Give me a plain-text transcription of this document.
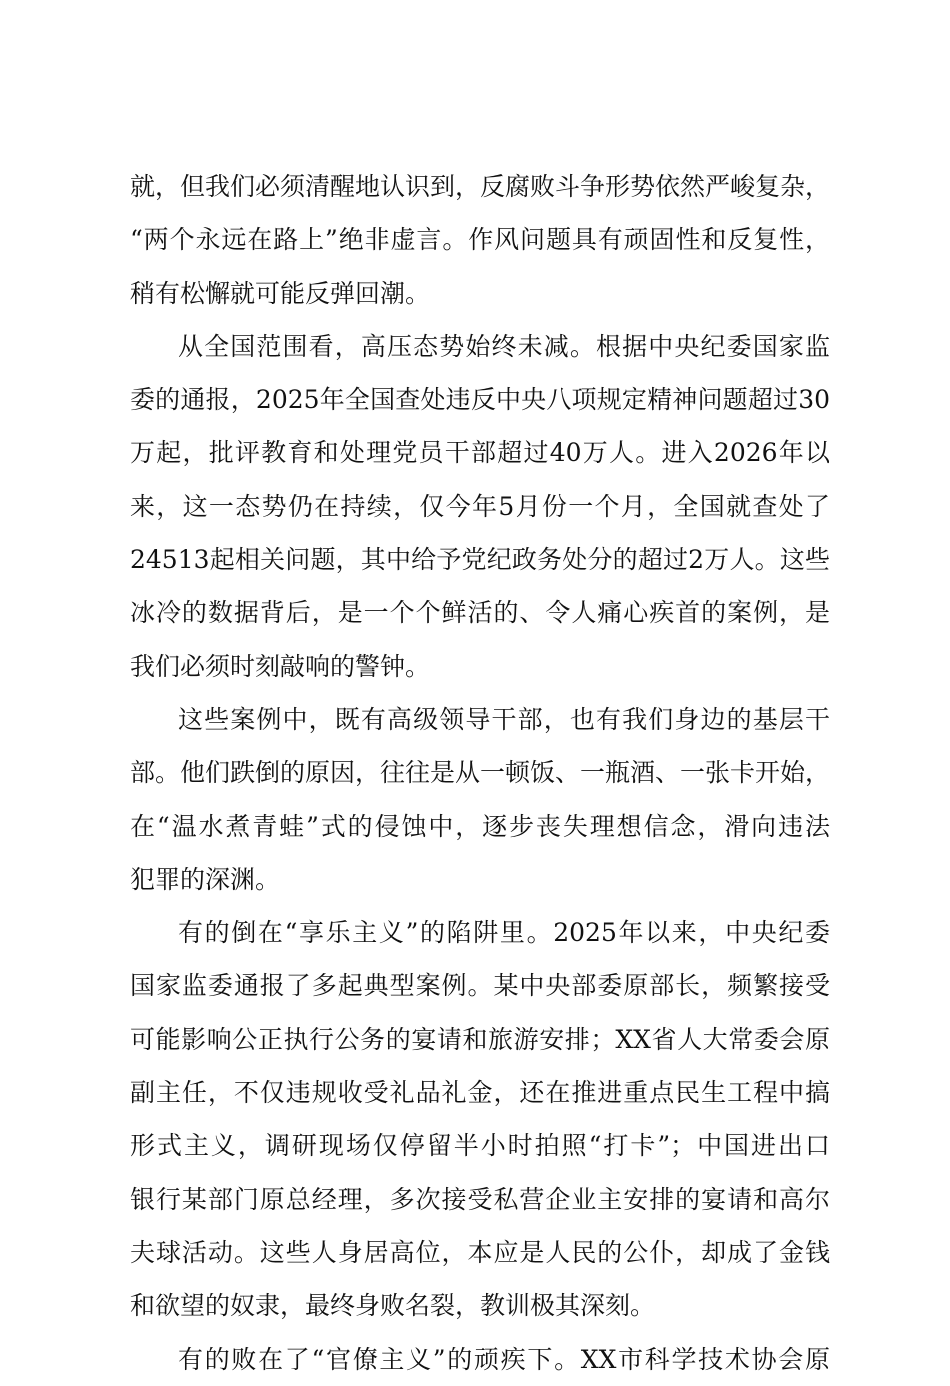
就，但我们必须清醒地认识到，反腐败斗争形势依然严峻复杂，
“两个永远在路上”绝非虚言。作风问题具有顽固性和反复性，
稍有松懈就可能反弹回潮。
从全国范围看，高压态势始终未减。根据中央纪委国家监
委的通报，2025年全国查处违反中央八项规定精神问题超过30
万起，批评教育和处理党员干部超过40万人。进入2026年以
来，这一态势仍在持续，仅今年5月份一个月，全国就查处了
24513起相关问题，其中给予党纪政务处分的超过2万人。这些
冰冷的数据背后，是一个个鲜活的、令人痛心疾首的案例，是
我们必须时刻敲响的警钟。
这些案例中，既有高级领导干部，也有我们身边的基层干
部。他们跌倒的原因，往往是从一顿饭、一瓶酒、一张卡开始，
在“温水煮青蛙”式的侵蚀中，逐步丧失理想信念，滑向违法
犯罪的深渊。
有的倒在“享乐主义”的陷阱里。2025年以来，中央纪委
国家监委通报了多起典型案例。某中央部委原部长，频繁接受
可能影响公正执行公务的宴请和旅游安排；XX省人大常委会原
副主任，不仅违规收受礼品礼金，还在推进重点民生工程中搞
形式主义，调研现场仅停留半小时拍照“打卡”；中国进出口
银行某部门原总经理，多次接受私营企业主安排的宴请和高尔
夫球活动。这些人身居高位，本应是人民的公仆，却成了金钱
和欲望的奴隶，最终身败名裂，教训极其深刻。
有的败在了“官僚主义”的顽疾下。XX市科学技术协会原
